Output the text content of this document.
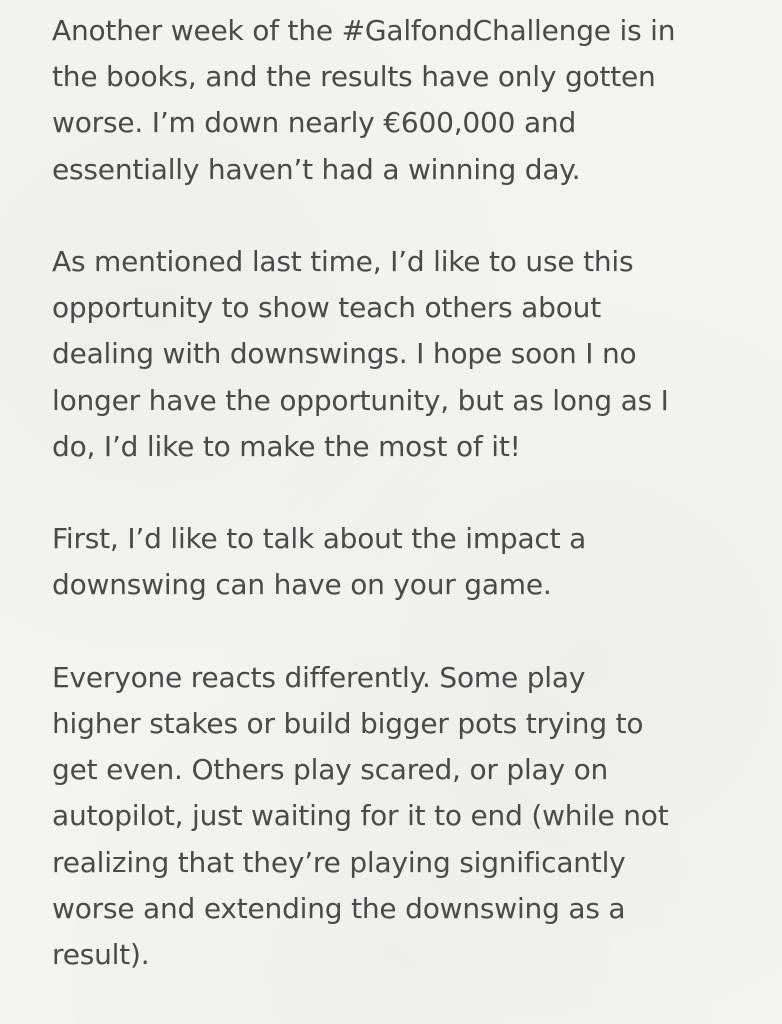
Another week of the #GalfondChallenge is in
the books, and the results have only gotten
worse. I’m down nearly €600,000 and
essentially haven’t had a winning day.
As mentioned last time, I’d like to use this
opportunity to show teach others about
dealing with downswings. I hope soon I no
longer have the opportunity, but as long as I
do, I’d like to make the most of it!
First, I’d like to talk about the impact a
downswing can have on your game.
Everyone reacts differently. Some play
higher stakes or build bigger pots trying to
get even. Others play scared, or play on
autopilot, just waiting for it to end (while not
realizing that they’re playing significantly
worse and extending the downswing as a
result).
